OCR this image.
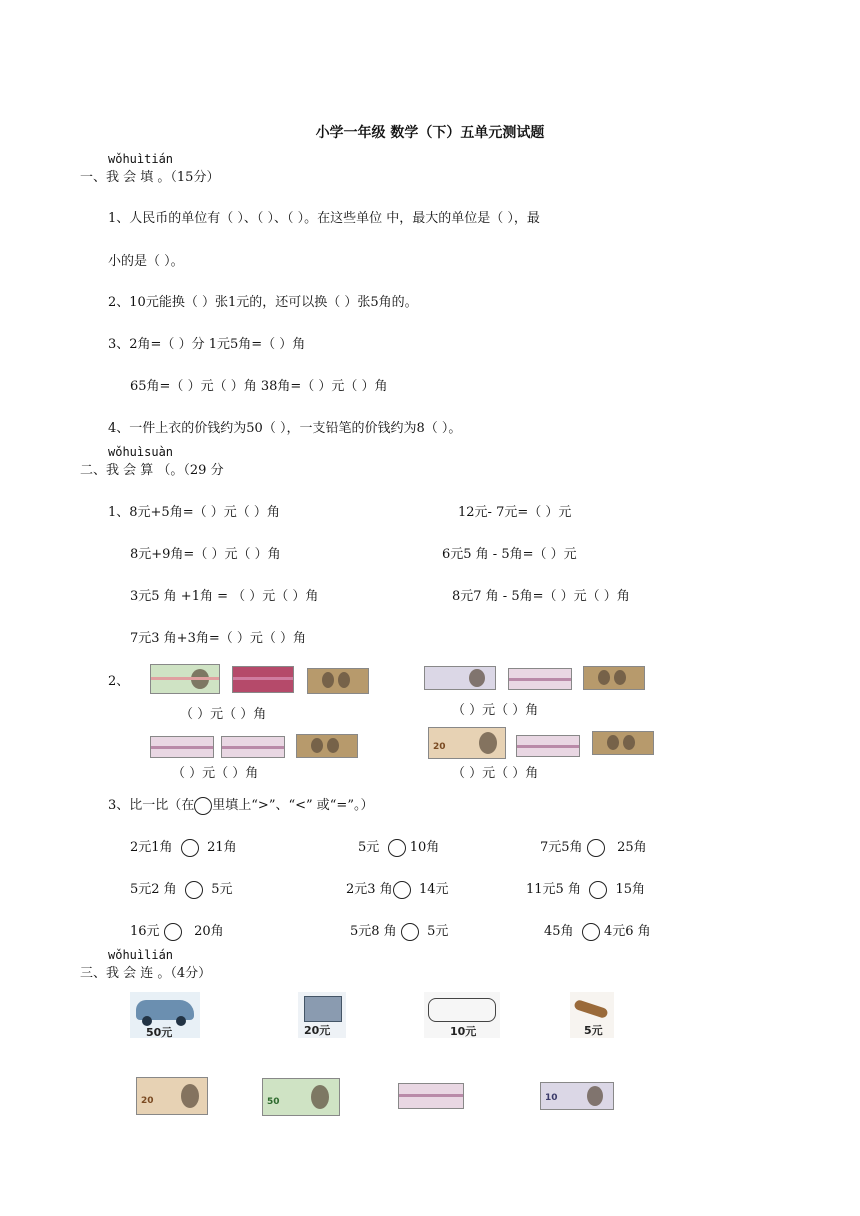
小学一年级 数学（下）五单元测试题
wǒhuìtián
一、我 会 填 。（15分）
1、人民币的单位有（ ）、（ ）、（ ）。在这些单位 中，最大的单位是（ ），最
小的是（ ）。
2、10元能换（ ）张1元的，还可以换（ ）张5角的。
3、2角=（ ）分 1元5角=（ ）角
65角=（ ）元（ ）角 38角=（ ）元（ ）角
4、一件上衣的价钱约为50（ ），一支铅笔的价钱约为8（ ）。
wǒhuìsuàn
二、我 会 算 （。（29 分
1、8元+5角=（ ）元（ ）角	12元- 7元=（ ）元
8元+9角=（ ）元（ ）角	6元5 角 - 5角=（ ）元
3元5 角 +1角 = （ ）元（ ）角	8元7 角 - 5角=（ ）元（ ）角
7元3 角+3角=（ ）元（ ）角
2、
（ ）元（ ）角	（ ）元（ ）角
（ ）元（ ）角
20
（ ）元（ ）角
3、比一比（在 里填上“>”、“<” 或“=”。）
2元1角	21角	5元 10角	7元5角	25角
5元2 角	5元	2元3 角 14元	11元5 角	15角
16元	20角	5元8 角 5元	45角 4元6 角
wǒhuìlián
三、我 会 连 。（4分）
50元	20元	10元	5元
20	50	10
